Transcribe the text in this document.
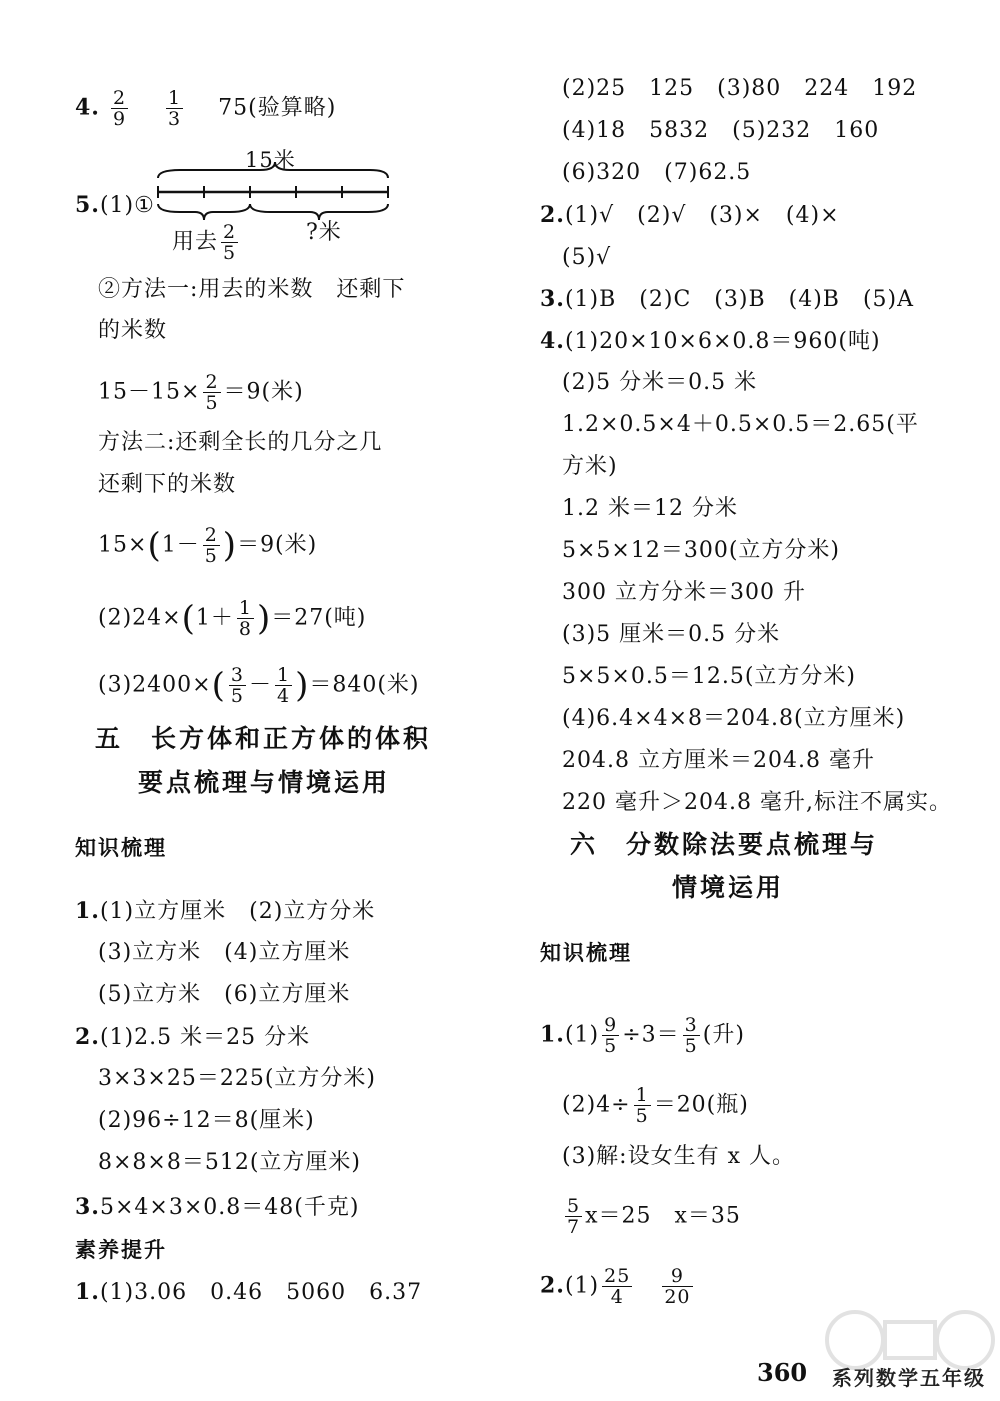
4. $\frac{2}{9}$
$\frac{1}{3} 75$(验算略)
5.(1)①
15米
用去 $\frac{2}{5}$	?米
②方法一:用去的米数　还剩下
的米数
$15-15\times \frac{2}{5} =9$(米)
方法二:还剩全长的几分之几
还剩下的米数
$15\times(1- \frac{2}{5} )=9$(米)
$(2)24\times(1+ \frac{1}{8} )=27$(吨)
$(3)2400\times( \frac{3}{5} - \frac{1}{4} )=840$(米)
五　长方体和正方体的体积
要点梳理与情境运用
知识梳理
1.(1)立方厘米　(2)立方分米
(3)立方米　(4)立方厘米
(5)立方米　(6)立方厘米
2.(1)2.5 米＝25 分米
3×3×25＝225(立方分米)
(2)96÷12＝8(厘米)
8×8×8＝512(立方厘米)
3.5×4×3×0.8＝48(千克)
素养提升
1.(1)3.06　0.46　5060　6.37
(2)25　125　(3)80　224　192
(4)18　5832　(5)232　160
(6)320　(7)62.5
2.(1)√　(2)√　(3)×　(4)×
(5)√
3.(1)B　(2)C　(3)B　(4)B　(5)A
4.(1)20×10×6×0.8＝960(吨)
(2)5 分米＝0.5 米
1.2×0.5×4＋0.5×0.5＝2.65(平
方米)
1.2 米＝12 分米
5×5×12＝300(立方分米)
300 立方分米＝300 升
(3)5 厘米＝0.5 分米
5×5×0.5＝12.5(立方分米)
(4)6.4×4×8＝204.8(立方厘米)
204.8 立方厘米＝204.8 毫升
220 毫升＞204.8 毫升,标注不属实。
六　分数除法要点梳理与
情境运用
知识梳理
$1.(1) \frac{9}{5} \div 3= \frac{3}{5}$ (升)
$(2)4\div \frac{1}{5} =20$(瓶)
(3)解:设女生有 x 人。
$\frac{5}{7} x=25$　x＝35
$2.(1) \frac{25}{4}$
$\frac{9}{20}$
360 系列数学五年级
